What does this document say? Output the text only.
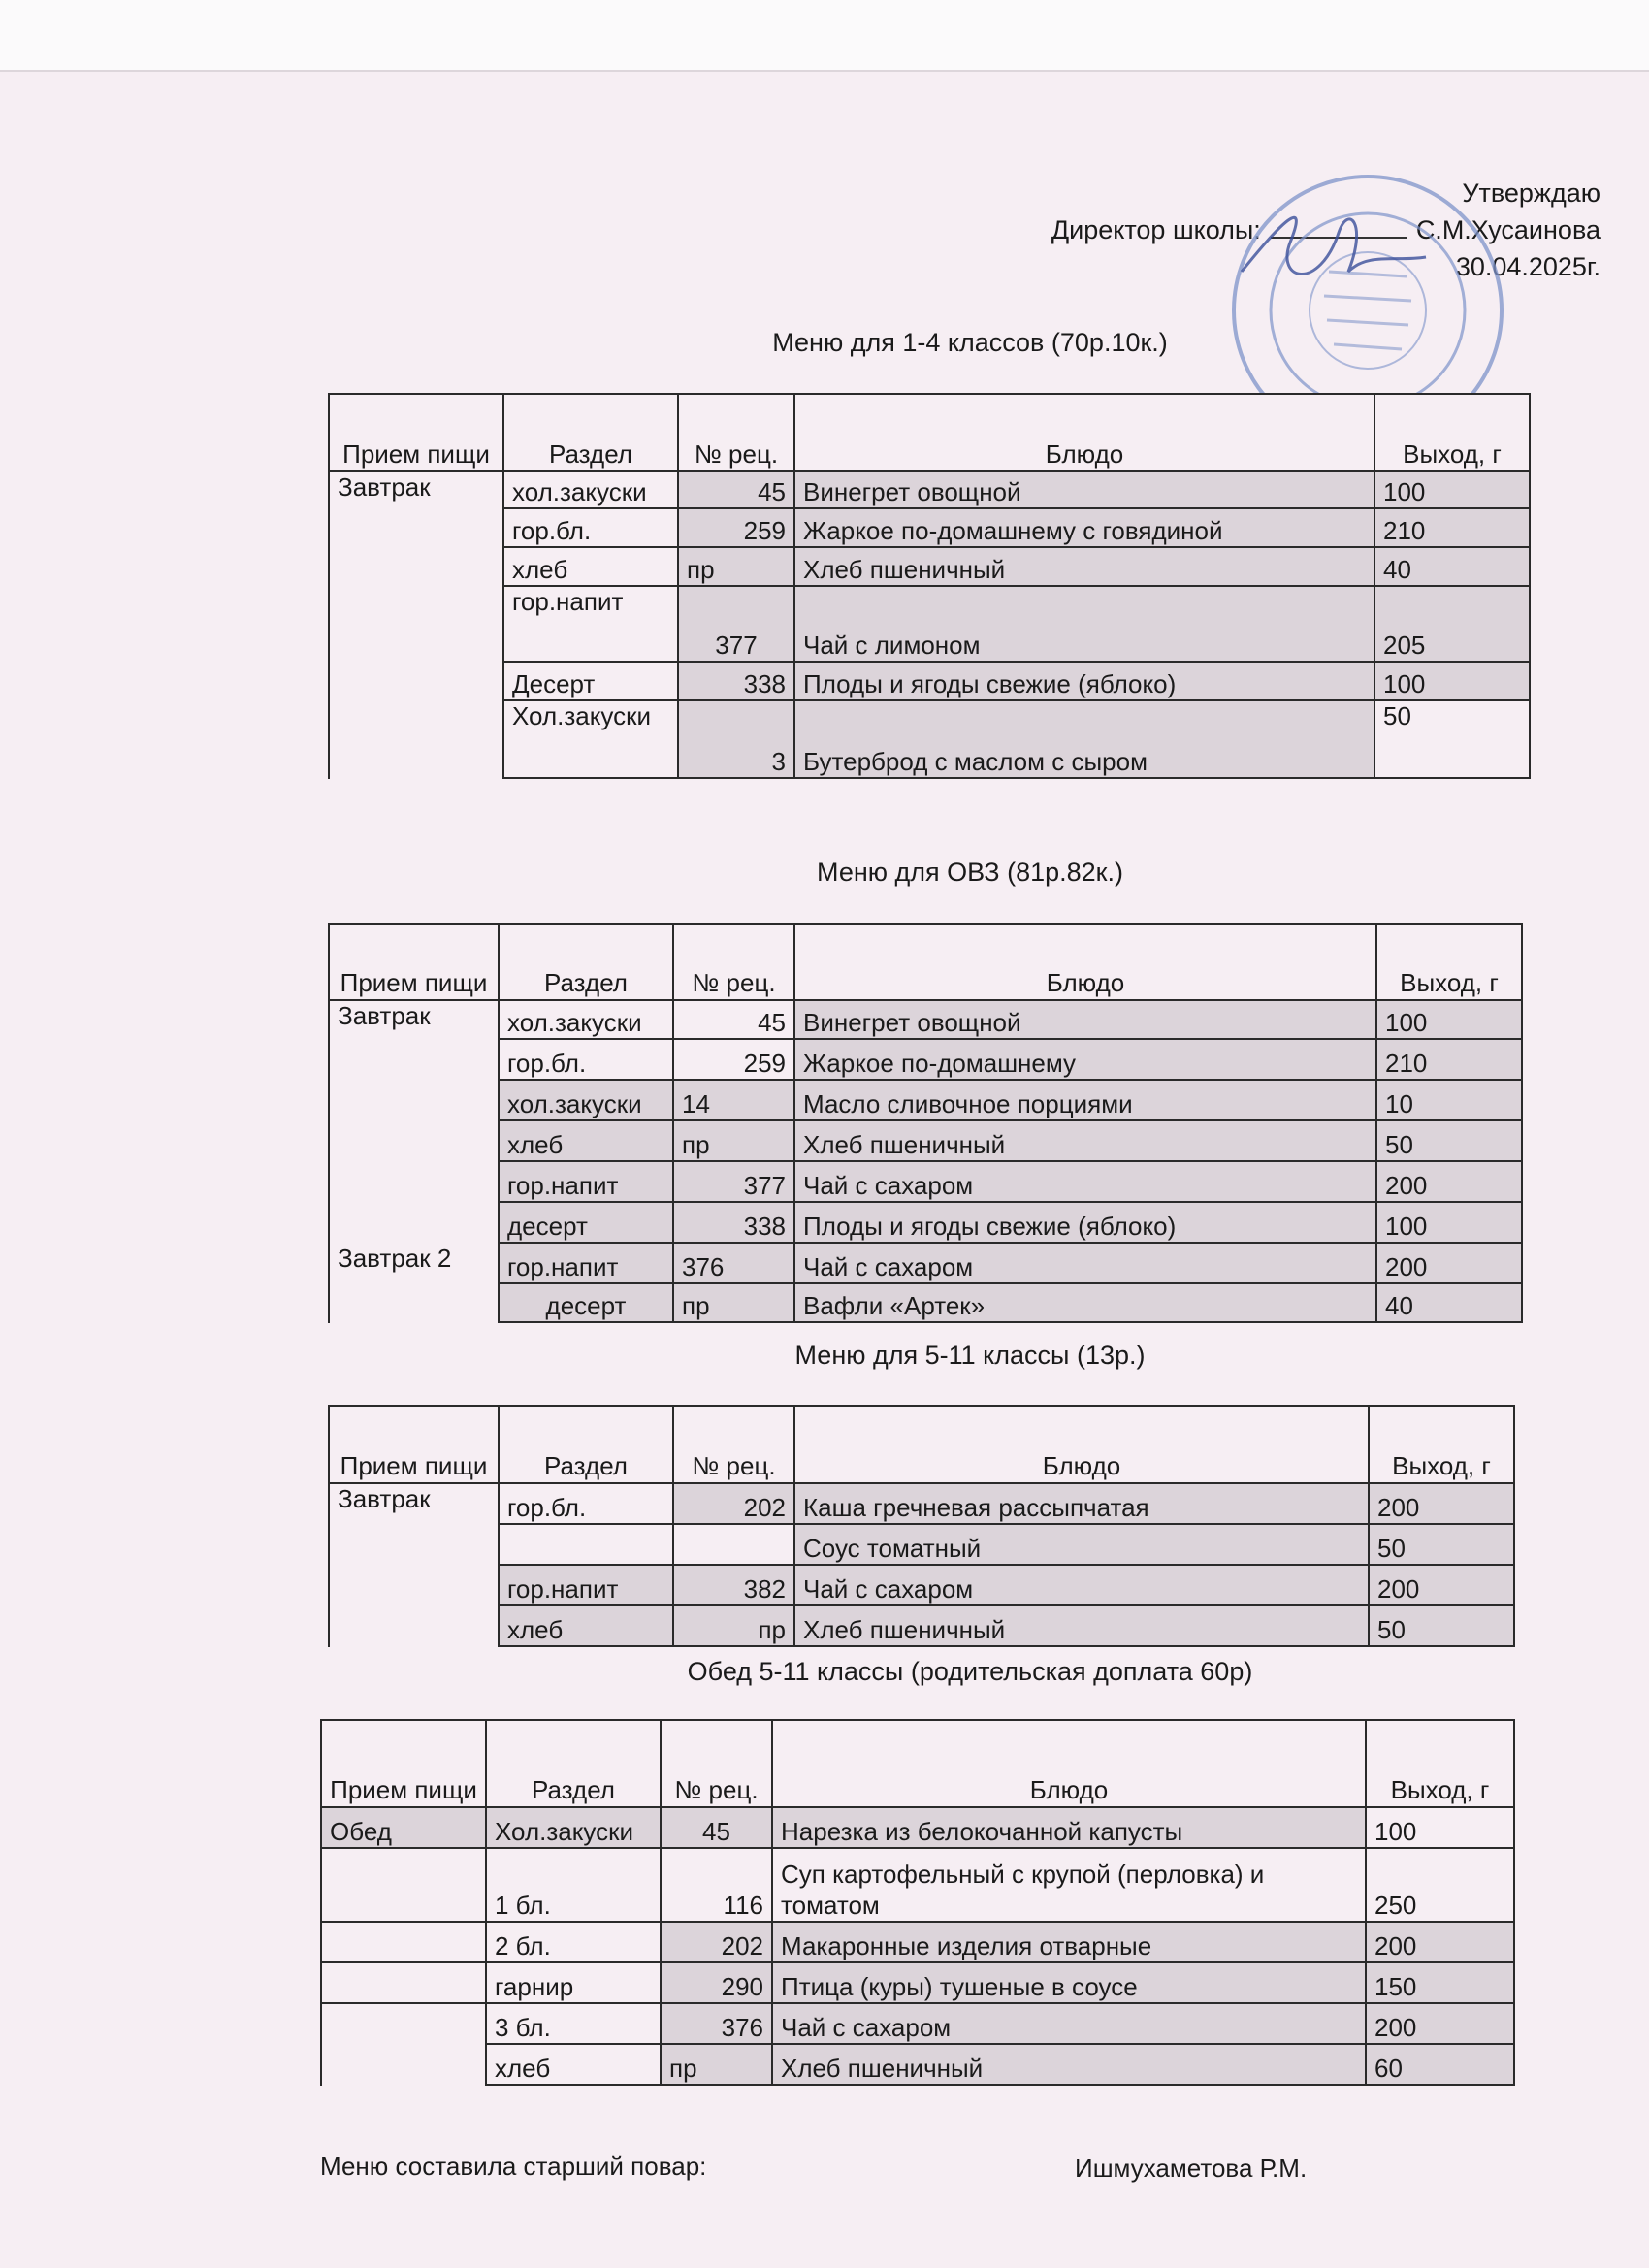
Утверждаю
Директор школы:	С.М.Хусаинова
30.04.2025г.
Меню для 1-4 классов (70р.10к.)
Прием пищи	Раздел	№ рец.	Блюдо	Выход, г
Завтрак	хол.закуски	45	Винегрет овощной	100
	гор.бл.	259	Жаркое по-домашнему с говядиной	210
	хлеб	пр	Хлеб пшеничный	40
	гор.напит	377	Чай с лимоном	205
	Десерт	338	Плоды и ягоды свежие (яблоко)	100
	Хол.закуски	3	Бутерброд с маслом с сыром	50
Меню для ОВЗ (81р.82к.)
Прием пищи	Раздел	№ рец.	Блюдо	Выход, г
Завтрак	хол.закуски	45	Винегрет овощной	100
	гор.бл.	259	Жаркое по-домашнему	210
	хол.закуски	14	Масло сливочное порциями	10
	хлеб	пр	Хлеб пшеничный	50
	гор.напит	377	Чай с сахаром	200
	десерт	338	Плоды и ягоды свежие (яблоко)	100
Завтрак 2	гор.напит	376	Чай с сахаром	200
	десерт	пр	Вафли «Артек»	40
Меню для 5-11 классы (13р.)
Прием пищи	Раздел	№ рец.	Блюдо	Выход, г
Завтрак	гор.бл.	202	Каша гречневая рассыпчатая	200
			Соус томатный	50
	гор.напит	382	Чай с сахаром	200
	хлеб	пр	Хлеб пшеничный	50
Обед 5-11 классы (родительская доплата 60р)
Прием пищи	Раздел	№ рец.	Блюдо	Выход, г
Обед	Хол.закуски	45	Нарезка из белокочанной капусты	100
	1 бл.	116	Суп картофельный с крупой (перловка) и томатом	250
	2 бл.	202	Макаронные изделия отварные	200
	гарнир	290	Птица (куры) тушеные в соусе	150
	3 бл.	376	Чай с сахаром	200
	хлеб	пр	Хлеб пшеничный	60
Меню составила старший повар:	Ишмухаметова Р.М.
